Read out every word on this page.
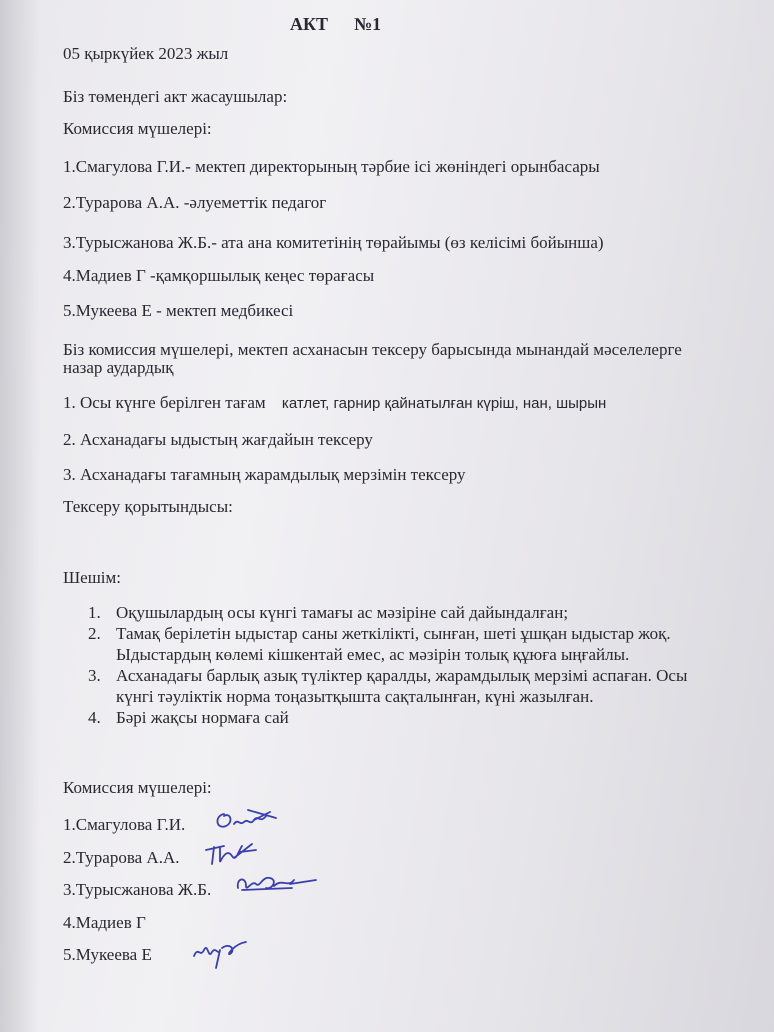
АКТ №1
05 қыркүйек 2023 жыл
Біз төмендегі акт жасаушылар:
Комиссия мүшелері:
1.Смагулова Г.И.- мектеп директорының тәрбие ісі жөніндегі орынбасары
2.Турарова А.А. -әлуеметтік педагог
3.Турысжанова Ж.Б.- ата ана комитетінің төрайымы (өз келісімі бойынша)
4.Мадиев Г -қамқоршылық кеңес төрағасы
5.Мукеева Е - мектеп медбикесі
Біз комиссия мүшелері, мектеп асханасын тексеру барысында мынандай мәселелерге
назар аудардық
1. Осы күнге берілген тағам катлет, гарнир қайнатылған күріш, нан, шырын
2. Асханадағы ыдыстың жағдайын тексеру
3. Асханадағы тағамның жарамдылық мерзімін тексеру
Тексеру қорытындысы:
Шешім:
1. Оқушылардың осы күнгі тамағы ас мәзіріне сай дайындалған;
2. Тамақ берілетін ыдыстар саны жеткілікті, сынған, шеті ұшқан ыдыстар жоқ.
Ыдыстардың көлемі кішкентай емес, ас мәзірін толық құюға ыңғайлы.
3. Асханадағы барлық азық түліктер қаралды, жарамдылық мерзімі аспаған. Осы
күнгі тәуліктік норма тоңазытқышта сақталынған, күні жазылған.
4. Бәрі жақсы нормаға сай
Комиссия мүшелері:
1.Смагулова Г.И.
2.Турарова А.А.
3.Турысжанова Ж.Б.
4.Мадиев Г
5.Мукеева Е
